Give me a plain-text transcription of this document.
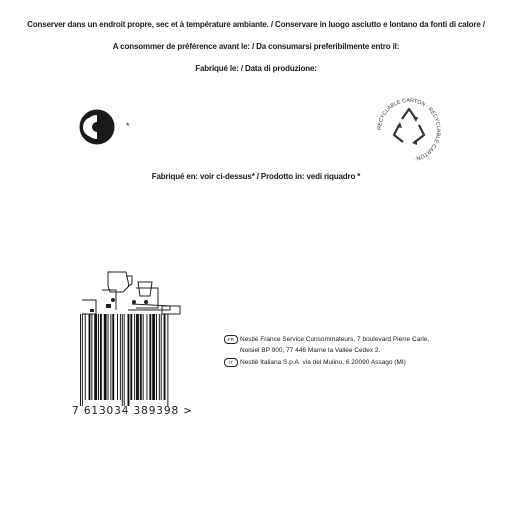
Conserver dans un endroit propre, sec et à température ambiante. / Conservare in luogo asciutto e lontano da fonti di calore /
A consommer de préférence avant le: / Da consumarsi preferibilmente entro il:
Fabriqué le: / Data di produzione:
*	RECYCLABLE CARTON · RECYCLABLE CARTON ·
Fabriqué en: voir ci-dessus* / Prodotto in: vedi riquadro *
7 613034 389398 >
FR Nestlé France Service Consommateurs, 7 boulevard Pierre Carle,
Noisiel BP 900, 77 446 Marne la Vallée Cedex 2.
IT Nestlé Italiana S.p.A. via del Mulino, 6 20090 Assago (MI)
